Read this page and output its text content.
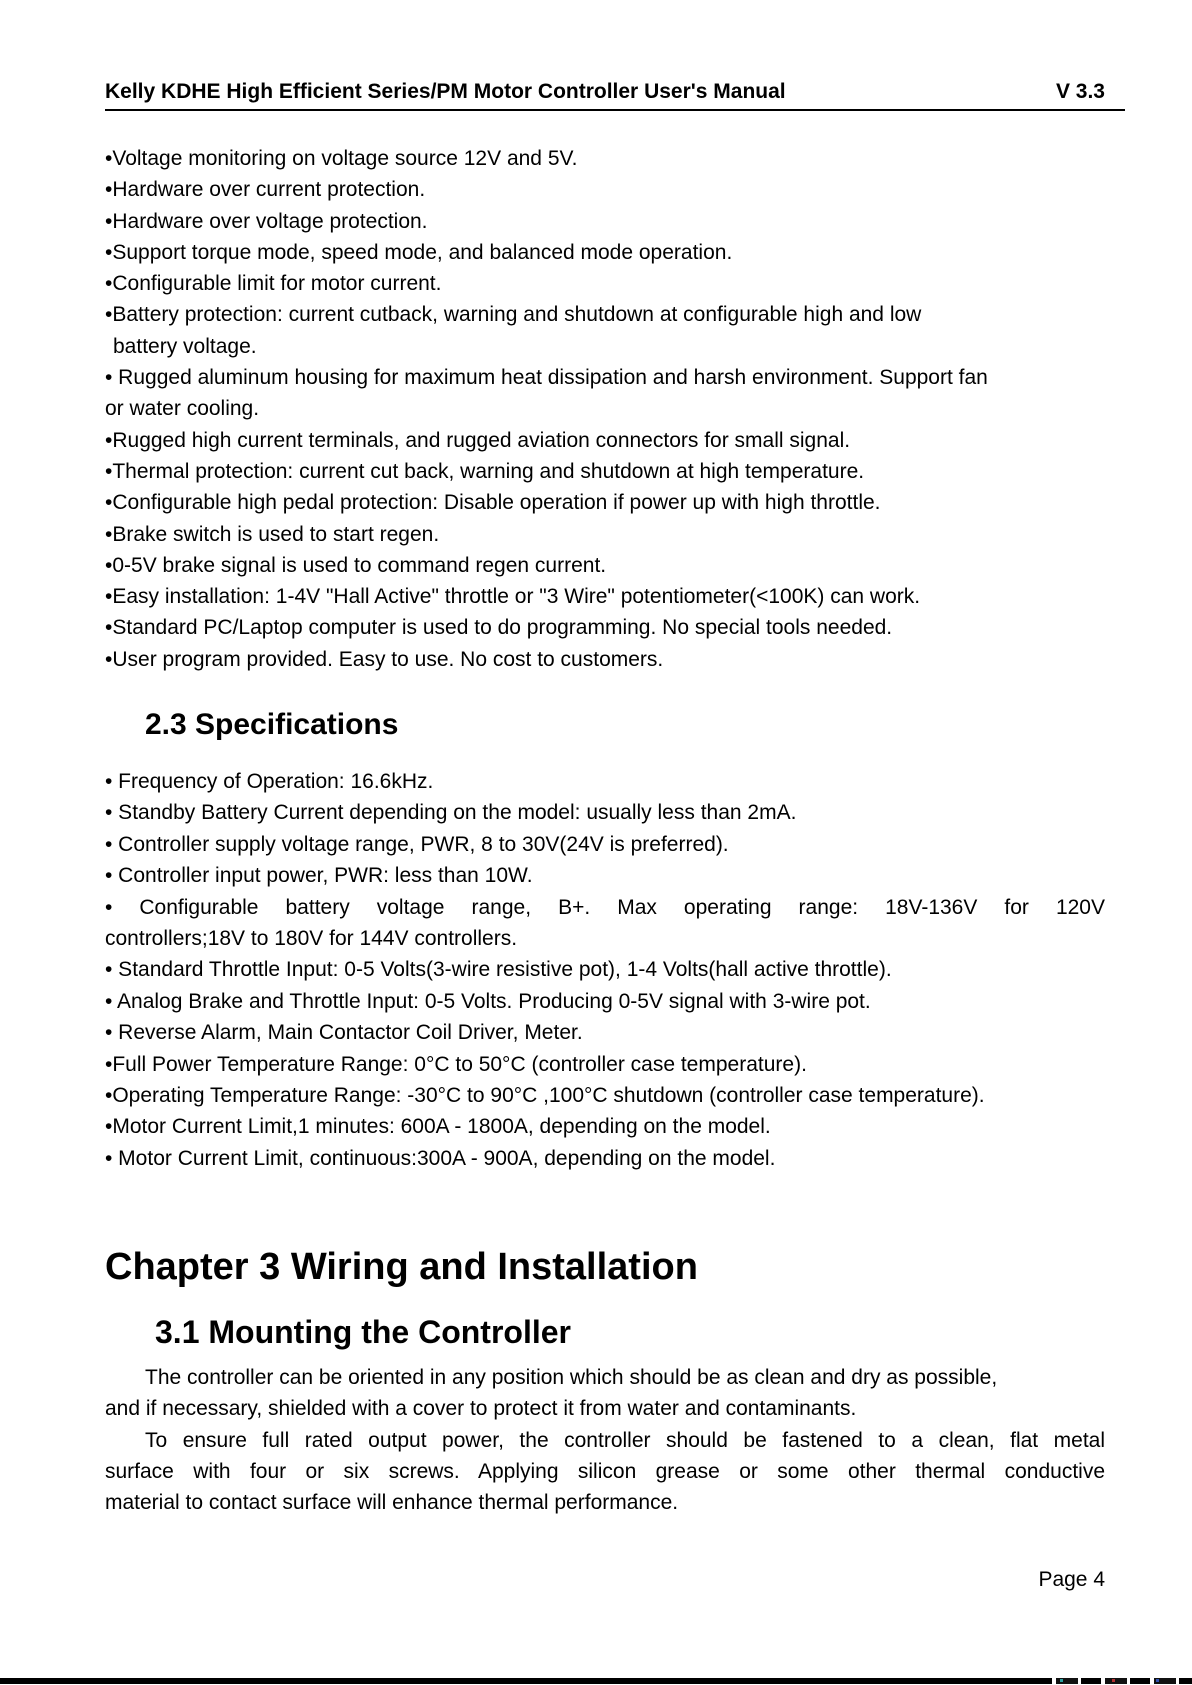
Kelly KDHE High Efficient Series/PM Motor Controller User's Manual	V 3.3
•Voltage monitoring on voltage source 12V and 5V.
•Hardware over current protection.
•Hardware over voltage protection.
•Support torque mode, speed mode, and balanced mode operation.
•Configurable limit for motor current.
•Battery protection: current cutback, warning and shutdown at configurable high and low
battery voltage.
• Rugged aluminum housing for maximum heat dissipation and harsh environment. Support fan
or water cooling.
•Rugged high current terminals, and rugged aviation connectors for small signal.
•Thermal protection: current cut back, warning and shutdown at high temperature.
•Configurable high pedal protection: Disable operation if power up with high throttle.
•Brake switch is used to start regen.
•0-5V brake signal is used to command regen current.
•Easy installation: 1-4V "Hall Active" throttle or "3 Wire" potentiometer(<100K) can work.
•Standard PC/Laptop computer is used to do programming. No special tools needed.
•User program provided. Easy to use. No cost to customers.
2.3 Specifications
• Frequency of Operation: 16.6kHz.
• Standby Battery Current depending on the model: usually less than 2mA.
• Controller supply voltage range, PWR, 8 to 30V(24V is preferred).
• Controller input power, PWR: less than 10W.
• Configurable battery voltage range, B+. Max operating range: 18V-136V for 120V
controllers;18V to 180V for 144V controllers.
• Standard Throttle Input: 0-5 Volts(3-wire resistive pot), 1-4 Volts(hall active throttle).
• Analog Brake and Throttle Input: 0-5 Volts. Producing 0-5V signal with 3-wire pot.
• Reverse Alarm, Main Contactor Coil Driver, Meter.
•Full Power Temperature Range: 0°C to 50°C (controller case temperature).
•Operating Temperature Range: -30°C to 90°C ,100°C shutdown (controller case temperature).
•Motor Current Limit,1 minutes: 600A - 1800A, depending on the model.
• Motor Current Limit, continuous:300A - 900A, depending on the model.
Chapter 3 Wiring and Installation
3.1 Mounting the Controller
The controller can be oriented in any position which should be as clean and dry as possible,
and if necessary, shielded with a cover to protect it from water and contaminants.
To ensure full rated output power, the controller should be fastened to a clean, flat metal
surface with four or six screws. Applying silicon grease or some other thermal conductive
material to contact surface will enhance thermal performance.
Page 4
